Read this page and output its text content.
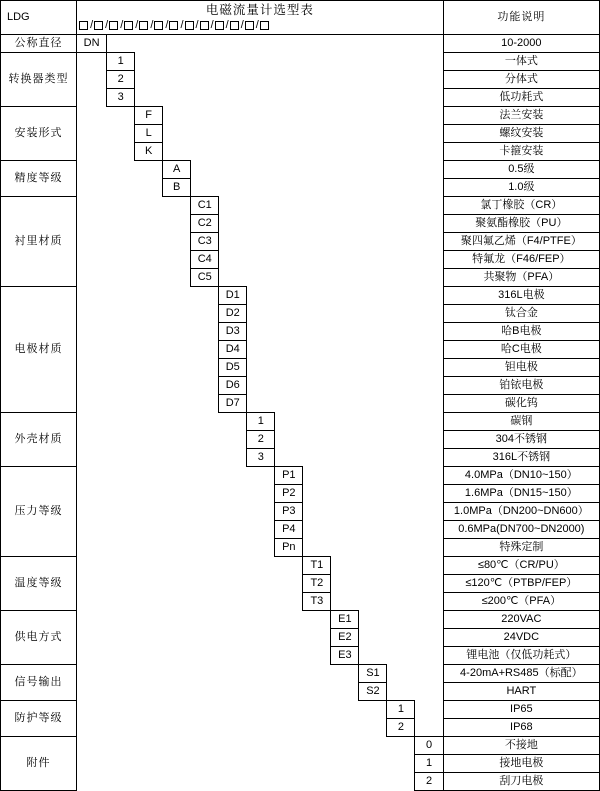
LDG	
电磁流量计选型表
/ / / / / / / / / / / /
	功能说明
公称直径	DN													10-2000
转换器类型		1												一体式
		2												分体式
		3												低功耗式
安装形式			F											法兰安装
			L											螺纹安装
			K											卡箍安装
精度等级				A										0.5级
				B										1.0级
衬里材质					C1									氯丁橡胶（CR）
					C2									聚氨酯橡胶（PU）
					C3									聚四氟乙烯（F4/PTFE）
					C4									特氟龙（F46/FEP）
					C5									共聚物（PFA）
电极材质						D1								316L电极
						D2								钛合金
						D3								哈B电极
						D4								哈C电极
						D5								钽电极
						D6								铂铱电极
						D7								碳化钨
外壳材质							1							碳钢
							2							304不锈钢
							3							316L不锈钢
压力等级								P1						4.0MPa（DN10~150）
								P2						1.6MPa（DN15~150）
								P3						1.0MPa（DN200~DN600）
								P4						0.6MPa(DN700~DN2000)
								Pn						特殊定制
温度等级									T1					≤80℃（CR/PU）
									T2					≤120℃（PTBP/FEP）
									T3					≤200℃（PFA）
供电方式										E1				220VAC
										E2				24VDC
										E3				锂电池（仅低功耗式）
信号输出											S1			4-20mA+RS485（标配）
											S2			HART
防护等级												1		IP65
												2		IP68
附件													0	不接地
													1	接地电极
													2	刮刀电极
